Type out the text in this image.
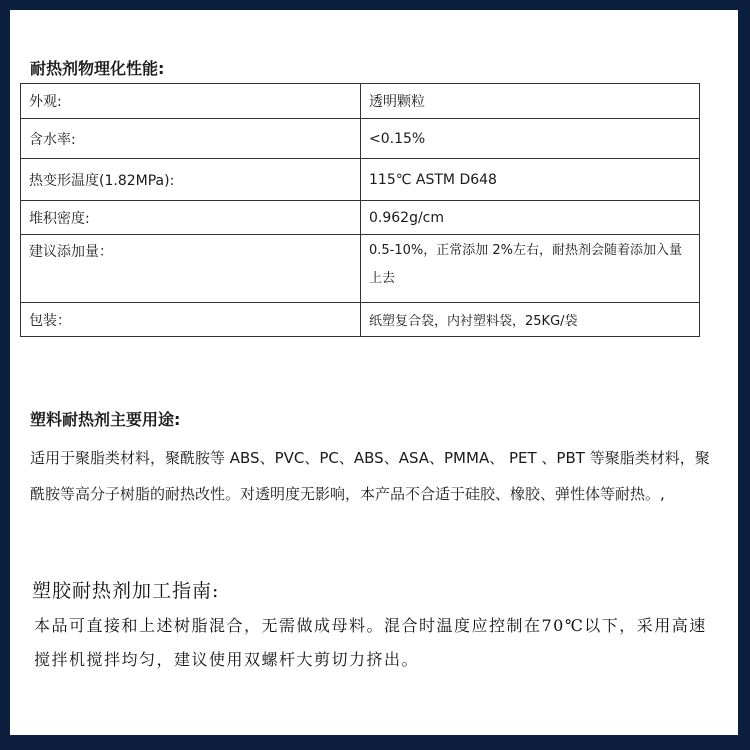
耐热剂物理化性能:
外观:	透明颗粒
含水率:	<0.15%
热变形温度(1.82MPa):	115℃ ASTM D648
堆积密度:	0.962g/cm
建议添加量：	0.5-10%，正常添加 2%左右，耐热剂会随着添加入量上去
包装：	纸塑复合袋，内衬塑料袋，25KG/袋
塑料耐热剂主要用途:
适用于聚脂类材料，聚酰胺等 ABS、PVC、PC、ABS、ASA、PMMA、 PET 、PBT 等聚脂类材料，聚酰胺等高分子树脂的耐热改性。对透明度无影响，本产品不合适于硅胶、橡胶、弹性体等耐热。,
塑胶耐热剂加工指南:
本品可直接和上述树脂混合，无需做成母料。混合时温度应控制在70℃以下，采用高速搅拌机搅拌均匀，建议使用双螺杆大剪切力挤出。
